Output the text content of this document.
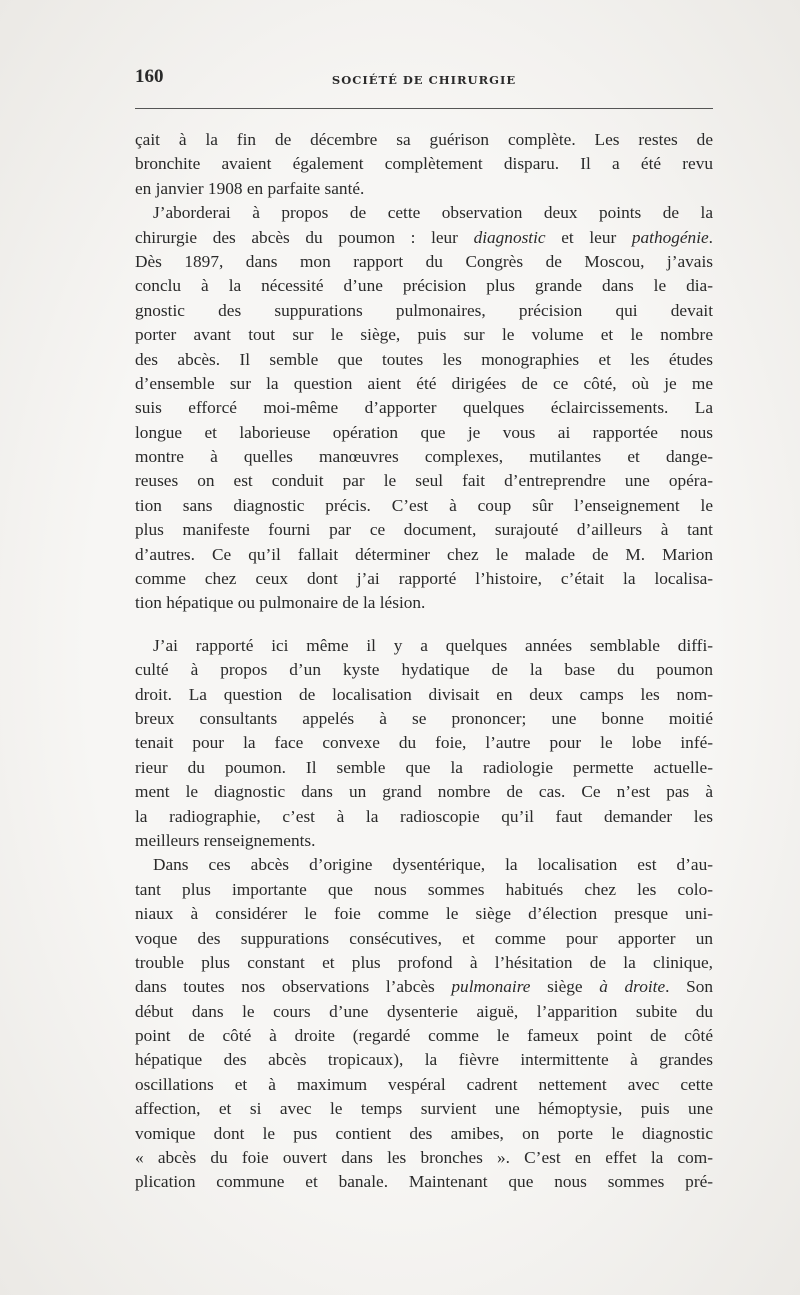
160	SOCIÉTÉ DE CHIRURGIE
çait à la fin de décembre sa guérison complète. Les restes de
bronchite avaient également complètement disparu. Il a été revu
en janvier 1908 en parfaite santé.
J’aborderai à propos de cette observation deux points de la
chirurgie des abcès du poumon : leur diagnostic et leur pathogénie.
Dès 1897, dans mon rapport du Congrès de Moscou, j’avais
conclu à la nécessité d’une précision plus grande dans le dia-
gnostic des suppurations pulmonaires, précision qui devait
porter avant tout sur le siège, puis sur le volume et le nombre
des abcès. Il semble que toutes les monographies et les études
d’ensemble sur la question aient été dirigées de ce côté, où je me
suis efforcé moi-même d’apporter quelques éclaircissements. La
longue et laborieuse opération que je vous ai rapportée nous
montre à quelles manœuvres complexes, mutilantes et dange-
reuses on est conduit par le seul fait d’entreprendre une opéra-
tion sans diagnostic précis. C’est à coup sûr l’enseignement le
plus manifeste fourni par ce document, surajouté d’ailleurs à tant
d’autres. Ce qu’il fallait déterminer chez le malade de M. Marion
comme chez ceux dont j’ai rapporté l’histoire, c’était la localisa-
tion hépatique ou pulmonaire de la lésion.
J’ai rapporté ici même il y a quelques années semblable diffi-
culté à propos d’un kyste hydatique de la base du poumon
droit. La question de localisation divisait en deux camps les nom-
breux consultants appelés à se prononcer; une bonne moitié
tenait pour la face convexe du foie, l’autre pour le lobe infé-
rieur du poumon. Il semble que la radiologie permette actuelle-
ment le diagnostic dans un grand nombre de cas. Ce n’est pas à
la radiographie, c’est à la radioscopie qu’il faut demander les
meilleurs renseignements.
Dans ces abcès d’origine dysentérique, la localisation est d’au-
tant plus importante que nous sommes habitués chez les colo-
niaux à considérer le foie comme le siège d’élection presque uni-
voque des suppurations consécutives, et comme pour apporter un
trouble plus constant et plus profond à l’hésitation de la clinique,
dans toutes nos observations l’abcès pulmonaire siège à droite. Son
début dans le cours d’une dysenterie aiguë, l’apparition subite du
point de côté à droite (regardé comme le fameux point de côté
hépatique des abcès tropicaux), la fièvre intermittente à grandes
oscillations et à maximum vespéral cadrent nettement avec cette
affection, et si avec le temps survient une hémoptysie, puis une
vomique dont le pus contient des amibes, on porte le diagnostic
« abcès du foie ouvert dans les bronches ». C’est en effet la com-
plication commune et banale. Maintenant que nous sommes pré-
